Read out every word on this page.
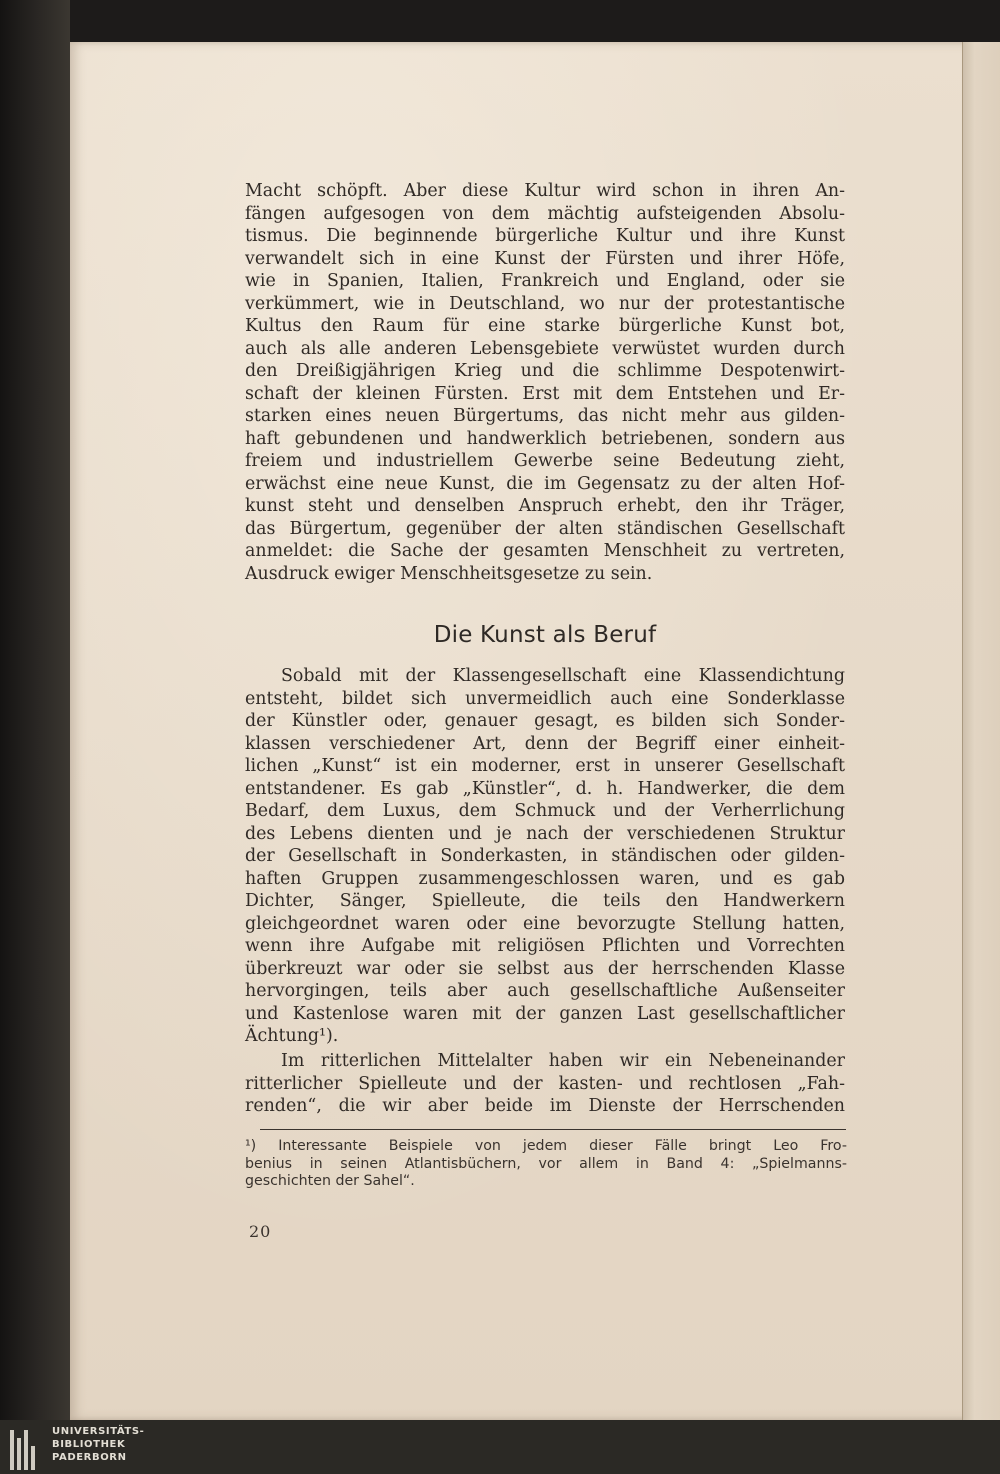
Macht schöpft. Aber diese Kultur wird schon in ihren An-
fängen aufgesogen von dem mächtig aufsteigenden Absolu-
tismus. Die beginnende bürgerliche Kultur und ihre Kunst
verwandelt sich in eine Kunst der Fürsten und ihrer Höfe,
wie in Spanien, Italien, Frankreich und England, oder sie
verkümmert, wie in Deutschland, wo nur der protestantische
Kultus den Raum für eine starke bürgerliche Kunst bot,
auch als alle anderen Lebensgebiete verwüstet wurden durch
den Dreißigjährigen Krieg und die schlimme Despotenwirt-
schaft der kleinen Fürsten. Erst mit dem Entstehen und Er-
starken eines neuen Bürgertums, das nicht mehr aus gilden-
haft gebundenen und handwerklich betriebenen, sondern aus
freiem und industriellem Gewerbe seine Bedeutung zieht,
erwächst eine neue Kunst, die im Gegensatz zu der alten Hof-
kunst steht und denselben Anspruch erhebt, den ihr Träger,
das Bürgertum, gegenüber der alten ständischen Gesellschaft
anmeldet: die Sache der gesamten Menschheit zu vertreten,
Ausdruck ewiger Menschheitsgesetze zu sein.
Die Kunst als Beruf
Sobald mit der Klassengesellschaft eine Klassendichtung
entsteht, bildet sich unvermeidlich auch eine Sonderklasse
der Künstler oder, genauer gesagt, es bilden sich Sonder-
klassen verschiedener Art, denn der Begriff einer einheit-
lichen „Kunst“ ist ein moderner, erst in unserer Gesellschaft
entstandener. Es gab „Künstler“, d. h. Handwerker, die dem
Bedarf, dem Luxus, dem Schmuck und der Verherrlichung
des Lebens dienten und je nach der verschiedenen Struktur
der Gesellschaft in Sonderkasten, in ständischen oder gilden-
haften Gruppen zusammengeschlossen waren, und es gab
Dichter, Sänger, Spielleute, die teils den Handwerkern
gleichgeordnet waren oder eine bevorzugte Stellung hatten,
wenn ihre Aufgabe mit religiösen Pflichten und Vorrechten
überkreuzt war oder sie selbst aus der herrschenden Klasse
hervorgingen, teils aber auch gesellschaftliche Außenseiter
und Kastenlose waren mit der ganzen Last gesellschaftlicher
Ächtung¹).
Im ritterlichen Mittelalter haben wir ein Nebeneinander
ritterlicher Spielleute und der kasten- und rechtlosen „Fah-
renden“, die wir aber beide im Dienste der Herrschenden
¹) Interessante Beispiele von jedem dieser Fälle bringt Leo Fro-
benius in seinen Atlantisbüchern, vor allem in Band 4: „Spielmanns-
geschichten der Sahel“.
20
UNIVERSITÄTS-
BIBLIOTHEK
PADERBORN
